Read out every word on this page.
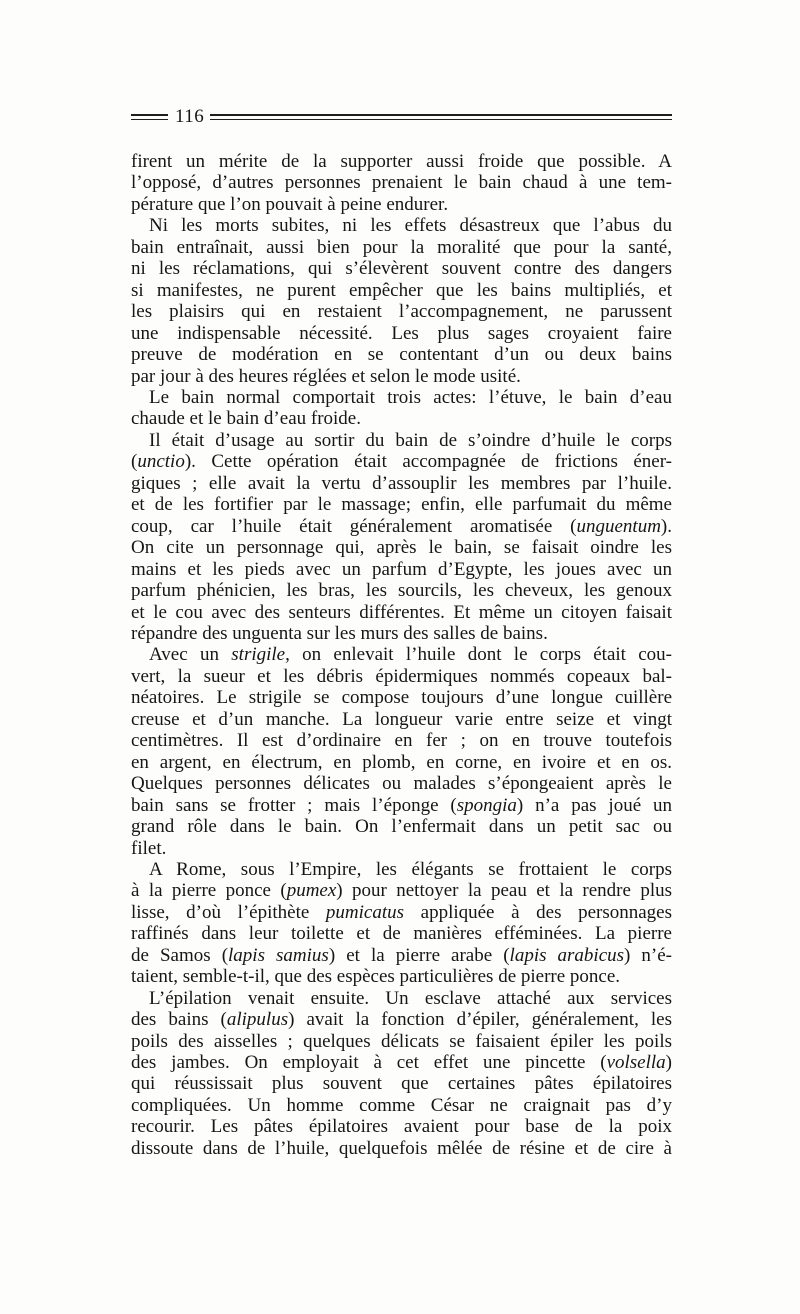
116
firent un mérite de la supporter aussi froide que possible. A
l’opposé, d’autres personnes prenaient le bain chaud à une tem-
pérature que l’on pouvait à peine endurer.
Ni les morts subites, ni les effets désastreux que l’abus du
bain entraînait, aussi bien pour la moralité que pour la santé,
ni les réclamations, qui s’élevèrent souvent contre des dangers
si manifestes, ne purent empêcher que les bains multipliés, et
les plaisirs qui en restaient l’accompagnement, ne parussent
une indispensable nécessité. Les plus sages croyaient faire
preuve de modération en se contentant d’un ou deux bains
par jour à des heures réglées et selon le mode usité.
Le bain normal comportait trois actes: l’étuve, le bain d’eau
chaude et le bain d’eau froide.
Il était d’usage au sortir du bain de s’oindre d’huile le corps
(unctio). Cette opération était accompagnée de frictions éner-
giques ; elle avait la vertu d’assouplir les membres par l’huile.
et de les fortifier par le massage; enfin, elle parfumait du même
coup, car l’huile était généralement aromatisée (unguentum).
On cite un personnage qui, après le bain, se faisait oindre les
mains et les pieds avec un parfum d’Egypte, les joues avec un
parfum phénicien, les bras, les sourcils, les cheveux, les genoux
et le cou avec des senteurs différentes. Et même un citoyen faisait
répandre des unguenta sur les murs des salles de bains.
Avec un strigile, on enlevait l’huile dont le corps était cou-
vert, la sueur et les débris épidermiques nommés copeaux bal-
néatoires. Le strigile se compose toujours d’une longue cuillère
creuse et d’un manche. La longueur varie entre seize et vingt
centimètres. Il est d’ordinaire en fer ; on en trouve toutefois
en argent, en électrum, en plomb, en corne, en ivoire et en os.
Quelques personnes délicates ou malades s’épongeaient après le
bain sans se frotter ; mais l’éponge (spongia) n’a pas joué un
grand rôle dans le bain. On l’enfermait dans un petit sac ou
filet.
A Rome, sous l’Empire, les élégants se frottaient le corps
à la pierre ponce (pumex) pour nettoyer la peau et la rendre plus
lisse, d’où l’épithète pumicatus appliquée à des personnages
raffinés dans leur toilette et de manières efféminées. La pierre
de Samos (lapis samius) et la pierre arabe (lapis arabicus) n’é-
taient, semble-t-il, que des espèces particulières de pierre ponce.
L’épilation venait ensuite. Un esclave attaché aux services
des bains (alipulus) avait la fonction d’épiler, généralement, les
poils des aisselles ; quelques délicats se faisaient épiler les poils
des jambes. On employait à cet effet une pincette (volsella)
qui réussissait plus souvent que certaines pâtes épilatoires
compliquées. Un homme comme César ne craignait pas d’y
recourir. Les pâtes épilatoires avaient pour base de la poix
dissoute dans de l’huile, quelquefois mêlée de résine et de cire à
